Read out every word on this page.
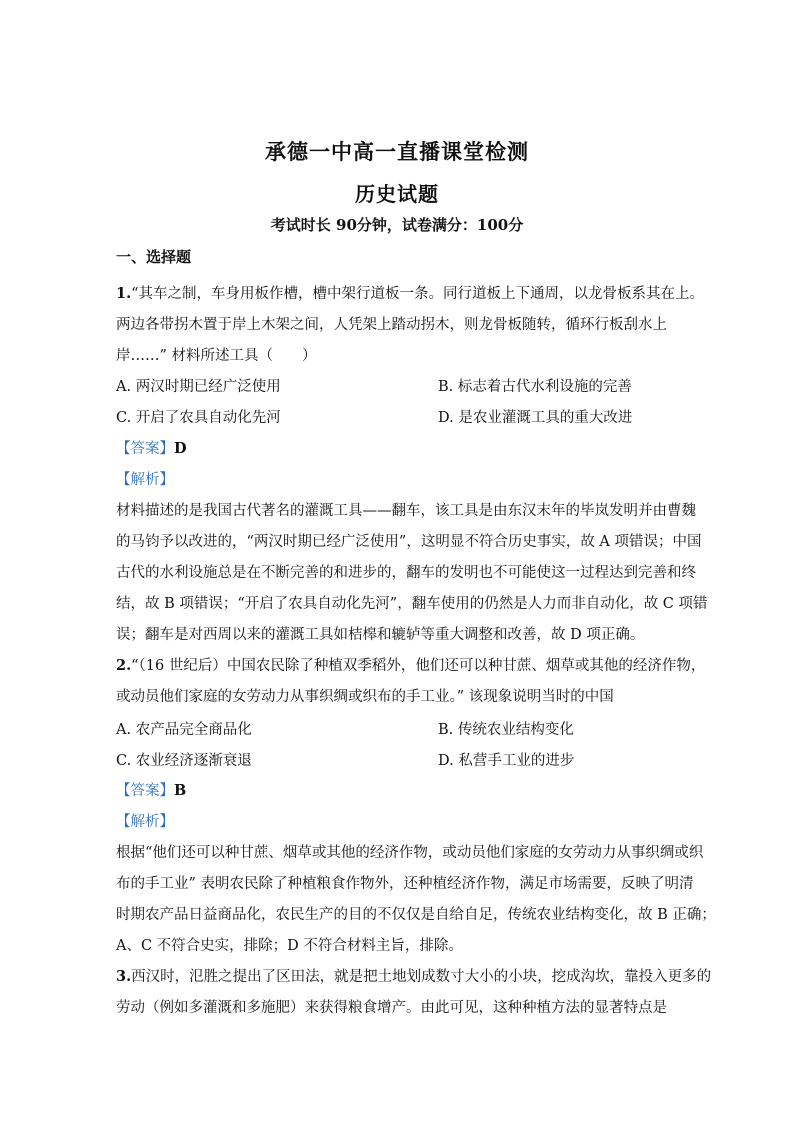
承德一中高一直播课堂检测
历史试题
考试时长 90分钟，试卷满分：100分
一、选择题
1.“其车之制，车身用板作槽，槽中架行道板一条。同行道板上下通周，以龙骨板系其在上。
两边各带拐木置于岸上木架之间，人凭架上踏动拐木，则龙骨板随转，循环行板刮水上
岸……” 材料所述工具（　　）
A. 两汉时期已经广泛使用	B. 标志着古代水利设施的完善
C. 开启了农具自动化先河	D. 是农业灌溉工具的重大改进
【答案】D
【解析】
材料描述的是我国古代著名的灌溉工具——翻车，该工具是由东汉末年的毕岚发明并由曹魏
的马钧予以改进的，“两汉时期已经广泛使用”，这明显不符合历史事实，故 A 项错误；中国
古代的水利设施总是在不断完善的和进步的，翻车的发明也不可能使这一过程达到完善和终
结，故 B 项错误；“开启了农具自动化先河”，翻车使用的仍然是人力而非自动化，故 C 项错
误；翻车是对西周以来的灌溉工具如桔槔和辘轳等重大调整和改善，故 D 项正确。
2.“（16 世纪后）中国农民除了种植双季稻外，他们还可以种甘蔗、烟草或其他的经济作物，
或动员他们家庭的女劳动力从事织绸或织布的手工业。” 该现象说明当时的中国
A. 农产品完全商品化	B. 传统农业结构变化
C. 农业经济逐渐衰退	D. 私营手工业的进步
【答案】B
【解析】
根据“他们还可以种甘蔗、烟草或其他的经济作物，或动员他们家庭的女劳动力从事织绸或织
布的手工业” 表明农民除了种植粮食作物外，还种植经济作物，满足市场需要，反映了明清
时期农产品日益商品化，农民生产的目的不仅仅是自给自足，传统农业结构变化，故 B 正确；
A、C 不符合史实，排除；D 不符合材料主旨，排除。
3.西汉时，氾胜之提出了区田法，就是把土地划成数寸大小的小块，挖成沟坎，靠投入更多的
劳动（例如多灌溉和多施肥）来获得粮食增产。由此可见，这种种植方法的显著特点是
